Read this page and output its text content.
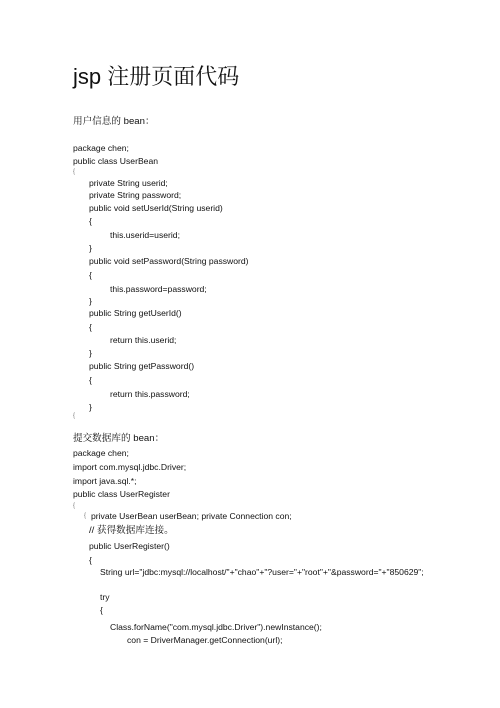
jsp 注册页面代码
用户信息的 bean：
package chen;
public class UserBean
{
private String userid;
private String password;
public void setUserId(String userid)
{
this.userid=userid;
}
public void setPassword(String password)
{
this.password=password;
}
public String getUserId()
{
return this.userid;
}
public String getPassword()
{
return this.password;
}
{
提交数据库的 bean：
package chen;
import com.mysql.jdbc.Driver;
import java.sql.*;
public class UserRegister
{
{ private UserBean userBean; private Connection con;
// 获得数据库连接。
public UserRegister()
{
String url="jdbc:mysql://localhost/"+"chao"+"?user="+"root"+"&password="+"850629";
try
{
Class.forName("com.mysql.jdbc.Driver").newInstance();
con = DriverManager.getConnection(url);
